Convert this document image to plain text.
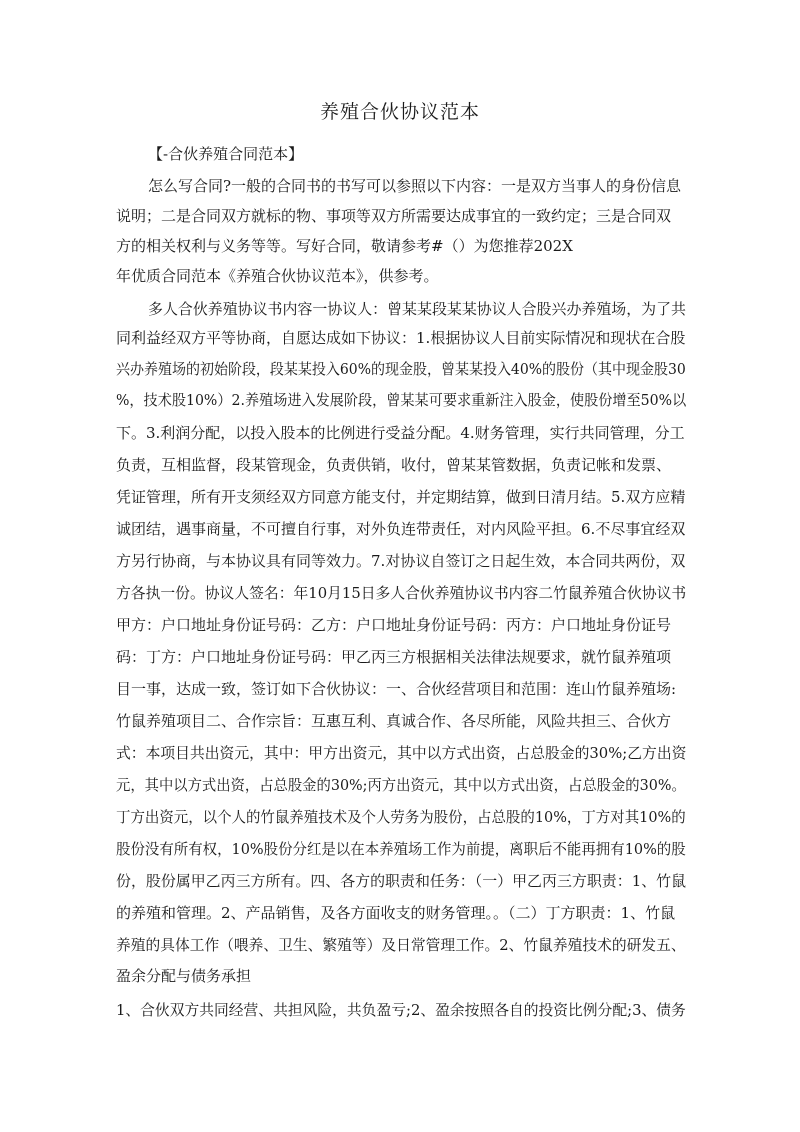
养殖合伙协议范本
【-合伙养殖合同范本】
怎么写合同?一般的合同书的书写可以参照以下内容：一是双方当事人的身份信息
说明；二是合同双方就标的物、事项等双方所需要达成事宜的一致约定；三是合同双
方的相关权利与义务等等。写好合同，敬请参考#（）为您推荐202X
年优质合同范本《养殖合伙协议范本》，供参考。
多人合伙养殖协议书内容一协议人：曾某某段某某协议人合股兴办养殖场，为了共
同利益经双方平等协商，自愿达成如下协议：1.根据协议人目前实际情况和现状在合股
兴办养殖场的初始阶段，段某某投入60%的现金股，曾某某投入40%的股份（其中现金股30
%，技术股10%）2.养殖场进入发展阶段，曾某某可要求重新注入股金，使股份增至50%以
下。3.利润分配，以投入股本的比例进行受益分配。4.财务管理，实行共同管理，分工
负责，互相监督，段某管现金，负责供销，收付，曾某某管数据，负责记帐和发票、
凭证管理，所有开支须经双方同意方能支付，并定期结算，做到日清月结。5.双方应精
诚团结，遇事商量，不可擅自行事，对外负连带责任，对内风险平担。6.不尽事宜经双
方另行协商，与本协议具有同等效力。7.对协议自签订之日起生效，本合同共两份，双
方各执一份。协议人签名：年10月15日多人合伙养殖协议书内容二竹鼠养殖合伙协议书
甲方：户口地址身份证号码：乙方：户口地址身份证号码：丙方：户口地址身份证号
码：丁方：户口地址身份证号码：甲乙丙三方根据相关法律法规要求，就竹鼠养殖项
目一事，达成一致，签订如下合伙协议：一、合伙经营项目和范围：连山竹鼠养殖场:
竹鼠养殖项目二、合作宗旨：互惠互利、真诚合作、各尽所能，风险共担三、合伙方
式：本项目共出资元，其中：甲方出资元，其中以方式出资，占总股金的30%;乙方出资
元，其中以方式出资，占总股金的30%;丙方出资元，其中以方式出资，占总股金的30%。
丁方出资元，以个人的竹鼠养殖技术及个人劳务为股份，占总股的10%，丁方对其10%的
股份没有所有权，10%股份分红是以在本养殖场工作为前提，离职后不能再拥有10%的股
份，股份属甲乙丙三方所有。四、各方的职责和任务：（一）甲乙丙三方职责：1、竹鼠
的养殖和管理。2、产品销售，及各方面收支的财务管理。。（二）丁方职责：1、竹鼠
养殖的具体工作（喂养、卫生、繁殖等）及日常管理工作。2、竹鼠养殖技术的研发五、
盈余分配与债务承担
1、合伙双方共同经营、共担风险，共负盈亏;2、盈余按照各自的投资比例分配;3、债务
